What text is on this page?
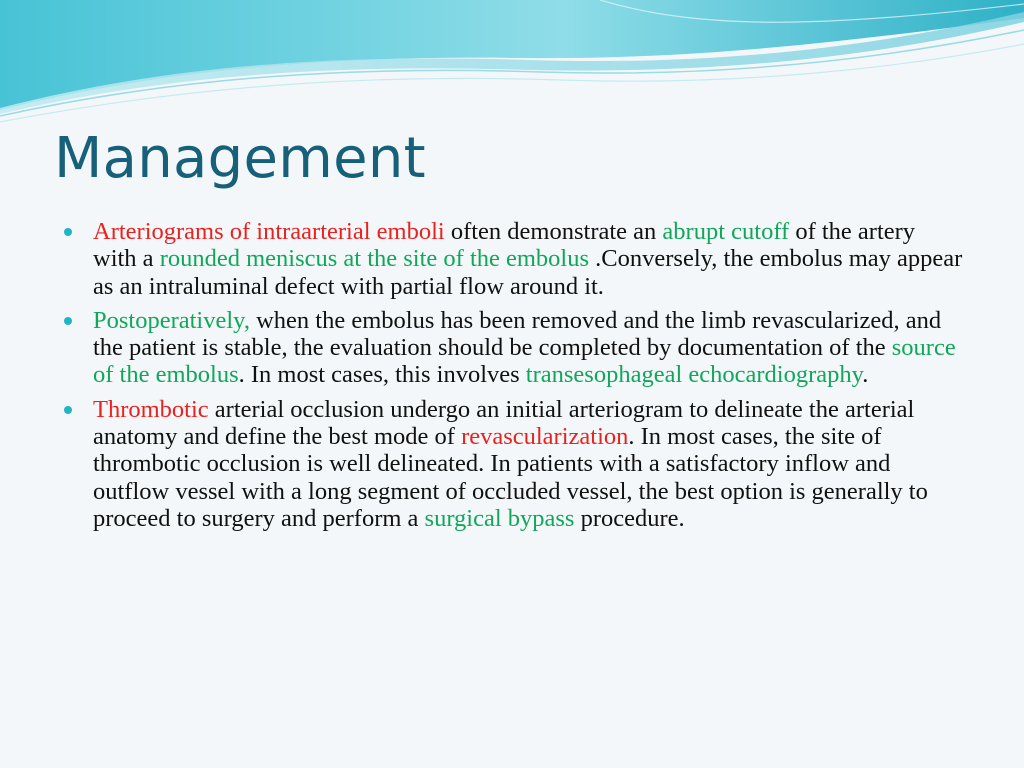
Management
Arteriograms of intraarterial emboli often demonstrate an abrupt cutoff of the artery with a rounded meniscus at the site of the embolus .Conversely, the embolus may appear as an intraluminal defect with partial flow around it.
Postoperatively, when the embolus has been removed and the limb revascularized, and the patient is stable, the evaluation should be completed by documentation of the source of the embolus. In most cases, this involves transesophageal echocardiography.
Thrombotic arterial occlusion undergo an initial arteriogram to delineate the arterial anatomy and define the best mode of revascularization. In most cases, the site of thrombotic occlusion is well delineated. In patients with a satisfactory inflow and outflow vessel with a long segment of occluded vessel, the best option is generally to proceed to surgery and perform a surgical bypass procedure.
